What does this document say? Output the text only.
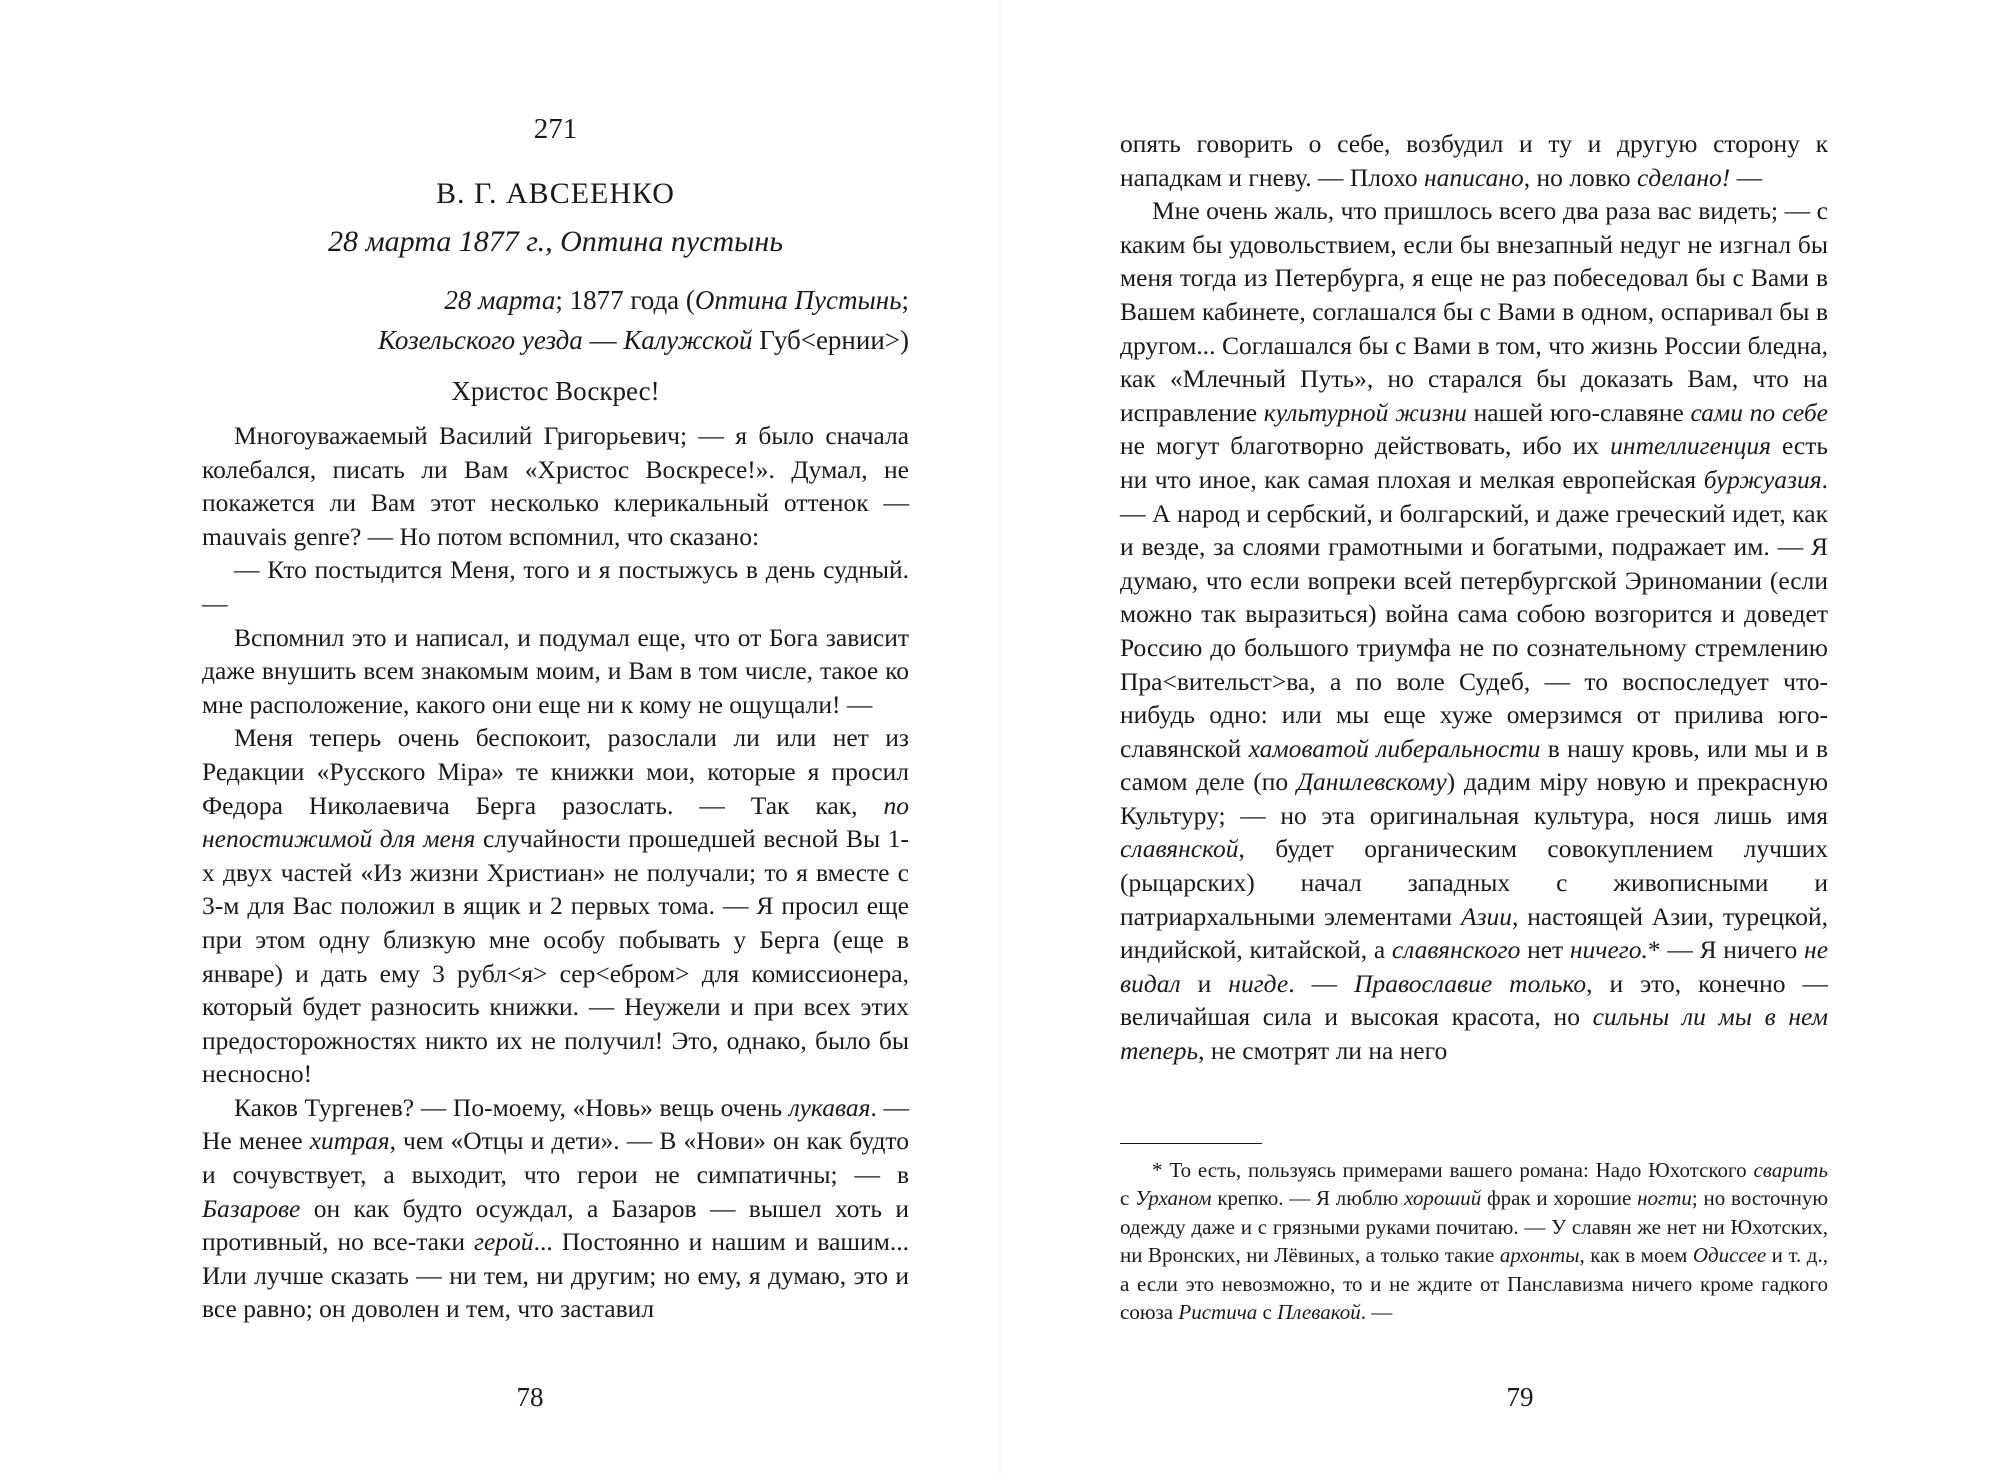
271
В. Г. АВСЕЕНКО
28 марта 1877 г., Оптина пустынь
28 марта; 1877 года (Оптина Пустынь;
Козельского уезда — Калужской Губ<ернии>)
Христос Воскрес!

Многоуважаемый Василий Григорьевич; — я было сначала колебался, писать ли Вам «Христос Воскресе!». Думал, не покажется ли Вам этот несколько клерикальный оттенок — mauvais genre? — Но потом вспомнил, что сказано:

— Кто постыдится Меня, того и я постыжусь в день судный. —

Вспомнил это и написал, и подумал еще, что от Бога зависит даже внушить всем знакомым моим, и Вам в том числе, такое ко мне расположение, какого они еще ни к кому не ощущали! —

Меня теперь очень беспокоит, разослали ли или нет из Редакции «Русского Міра» те книжки мои, которые я просил Федора Николаевича Берга разослать. — Так как, по непостижимой для меня случайности прошедшей весной Вы 1-х двух частей «Из жизни Христиан» не получали; то я вместе с 3-м для Вас положил в ящик и 2 первых тома. — Я просил еще при этом одну близкую мне особу побывать у Берга (еще в январе) и дать ему 3 рубл<я> сер<ебром> для комиссионера, который будет разносить книжки. — Неужели и при всех этих предосторожностях никто их не получил! Это, однако, было бы несносно!

Каков Тургенев? — По-моему, «Новь» вещь очень лукавая. — Не менее хитрая, чем «Отцы и дети». — В «Нови» он как будто и сочувствует, а выходит, что герои не симпатичны; — в Базарове он как будто осуждал, а Базаров — вышел хоть и противный, но все-таки герой... Постоянно и нашим и вашим... Или лучше сказать — ни тем, ни другим; но ему, я думаю, это и все равно; он доволен и тем, что заставил

78

опять говорить о себе, возбудил и ту и другую сторону к нападкам и гневу. — Плохо написано, но ловко сделано! —

Мне очень жаль, что пришлось всего два раза вас видеть; — с каким бы удовольствием, если бы внезапный недуг не изгнал бы меня тогда из Петербурга, я еще не раз побеседовал бы с Вами в Вашем кабинете, соглашался бы с Вами в одном, оспаривал бы в другом... Соглашался бы с Вами в том, что жизнь России бледна, как «Млечный Путь», но старался бы доказать Вам, что на исправление культурной жизни нашей юго-славяне сами по себе не могут благотворно действовать, ибо их интеллигенция есть ни что иное, как самая плохая и мелкая европейская буржуазия. — А народ и сербский, и болгарский, и даже греческий идет, как и везде, за слоями грамотными и богатыми, подражает им. — Я думаю, что если вопреки всей петербургской Эриномании (если можно так выразиться) война сама собою возгорится и доведет Россию до большого триумфа не по сознательному стремлению Пра<вительст>ва, а по воле Судеб, — то воспоследует что-нибудь одно: или мы еще хуже омерзимся от прилива юго-славянской хамоватой либеральности в нашу кровь, или мы и в самом деле (по Данилевскому) дадим міру новую и прекрасную Культуру; — но эта оригинальная культура, нося лишь имя славянской, будет органическим совокуплением лучших (рыцарских) начал западных с живописными и патриархальными элементами Азии, настоящей Азии, турецкой, индийской, китайской, а славянского нет ничего.* — Я ничего не видал и нигде. — Православие только, и это, конечно — величайшая сила и высокая красота, но сильны ли мы в нем теперь, не смотрят ли на него

* То есть, пользуясь примерами вашего романа: Надо Юхотского сварить с Урханом крепко. — Я люблю хороший фрак и хорошие ногти; но восточную одежду даже и с грязными руками почитаю. — У славян же нет ни Юхотских, ни Вронских, ни Лёвиных, а только такие архонты, как в моем Одиссее и т. д., а если это невозможно, то и не ждите от Панславизма ничего кроме гадкого союза Ристича с Плевакой. —

79
